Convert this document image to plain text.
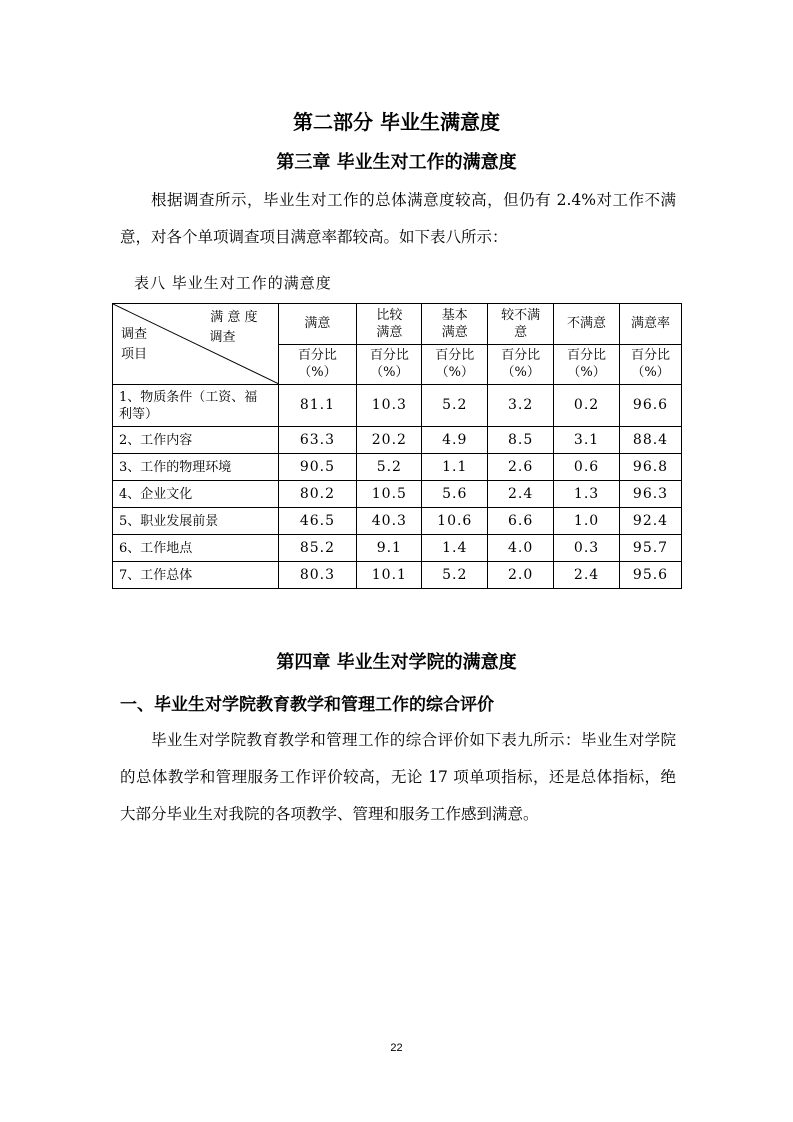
第二部分 毕业生满意度
第三章 毕业生对工作的满意度
根据调查所示，毕业生对工作的总体满意度较高，但仍有 2.4%对工作不满意，对各个单项调查项目满意率都较高。如下表八所示：
表八 毕业生对工作的满意度
满 意 度
调查
调查
项目	满意	比较满意	基本满意	较不满意	不满意	满意率
	百分比（%）	百分比（%）	百分比（%）	百分比（%）	百分比（%）	百分比（%）
1、物质条件（工资、福利等）	81.1	10.3	5.2	3.2	0.2	96.6
2、工作内容	63.3	20.2	4.9	8.5	3.1	88.4
3、工作的物理环境	90.5	5.2	1.1	2.6	0.6	96.8
4、企业文化	80.2	10.5	5.6	2.4	1.3	96.3
5、职业发展前景	46.5	40.3	10.6	6.6	1.0	92.4
6、工作地点	85.2	9.1	1.4	4.0	0.3	95.7
7、工作总体	80.3	10.1	5.2	2.0	2.4	95.6
第四章 毕业生对学院的满意度
一、毕业生对学院教育教学和管理工作的综合评价
毕业生对学院教育教学和管理工作的综合评价如下表九所示：毕业生对学院的总体教学和管理服务工作评价较高，无论 17 项单项指标，还是总体指标，绝大部分毕业生对我院的各项教学、管理和服务工作感到满意。
22
